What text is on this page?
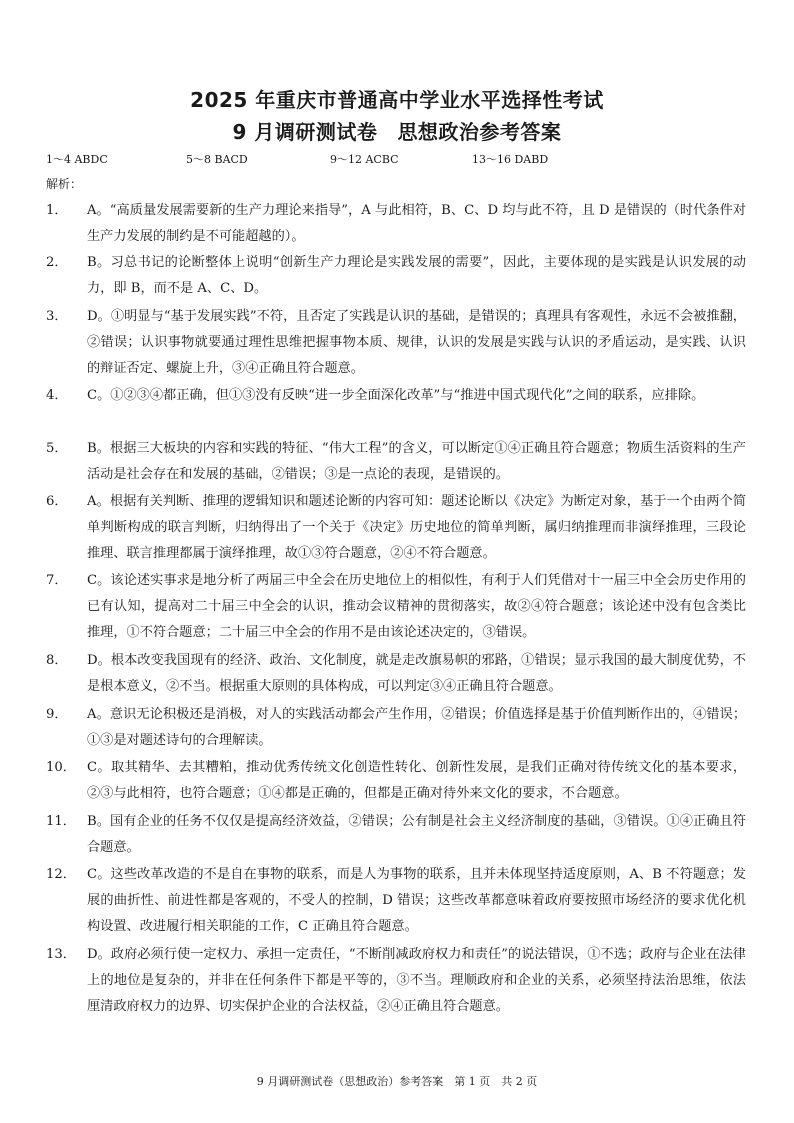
2025 年重庆市普通高中学业水平选择性考试
9 月调研测试卷 思想政治参考答案
1～4 ABDC	5～8 BACD	9～12 ACBC	13～16 DABD
解析：
1．	A。“高质量发展需要新的生产力理论来指导”，A 与此相符，B、C、D 均与此不符，且 D 是错误的（时代条件对生产力发展的制约是不可能超越的）。
2．	B。习总书记的论断整体上说明“创新生产力理论是实践发展的需要”，因此，主要体现的是实践是认识发展的动力，即 B，而不是 A、C、D。
3．	D。①明显与“基于发展实践”不符，且否定了实践是认识的基础，是错误的；真理具有客观性，永远不会被推翻，②错误；认识事物就要通过理性思维把握事物本质、规律，认识的发展是实践与认识的矛盾运动，是实践、认识的辩证否定、螺旋上升，③④正确且符合题意。
4．	C。①②③④都正确，但①③没有反映“进一步全面深化改革”与“推进中国式现代化”之间的联系，应排除。
5．	B。根据三大板块的内容和实践的特征、“伟大工程”的含义，可以断定①④正确且符合题意；物质生活资料的生产活动是社会存在和发展的基础，②错误；③是一点论的表现，是错误的。
6．	A。根据有关判断、推理的逻辑知识和题述论断的内容可知：题述论断以《决定》为断定对象，基于一个由两个简单判断构成的联言判断，归纳得出了一个关于《决定》历史地位的简单判断，属归纳推理而非演绎推理，三段论推理、联言推理都属于演绎推理，故①③符合题意，②④不符合题意。
7．	C。该论述实事求是地分析了两届三中全会在历史地位上的相似性，有利于人们凭借对十一届三中全会历史作用的已有认知，提高对二十届三中全会的认识，推动会议精神的贯彻落实，故②④符合题意；该论述中没有包含类比推理，①不符合题意；二十届三中全会的作用不是由该论述决定的，③错误。
8．	D。根本改变我国现有的经济、政治、文化制度，就是走改旗易帜的邪路，①错误；显示我国的最大制度优势，不是根本意义，②不当。根据重大原则的具体构成，可以判定③④正确且符合题意。
9．	A。意识无论积极还是消极，对人的实践活动都会产生作用，②错误；价值选择是基于价值判断作出的，④错误；①③是对题述诗句的合理解读。
10． C。取其精华、去其糟粕，推动优秀传统文化创造性转化、创新性发展，是我们正确对待传统文化的基本要求，②③与此相符，也符合题意；①④都是正确的，但都是正确对待外来文化的要求，不合题意。
11． B。国有企业的任务不仅仅是提高经济效益，②错误；公有制是社会主义经济制度的基础，③错误。①④正确且符合题意。
12． C。这些改革改造的不是自在事物的联系，而是人为事物的联系，且并未体现坚持适度原则，A、B 不符题意；发展的曲折性、前进性都是客观的，不受人的控制，D 错误；这些改革都意味着政府要按照市场经济的要求优化机构设置、改进履行相关职能的工作，C 正确且符合题意。
13． D。政府必须行使一定权力、承担一定责任，“不断削减政府权力和责任”的说法错误，①不选；政府与企业在法律上的地位是复杂的，并非在任何条件下都是平等的，③不当。理顺政府和企业的关系，必须坚持法治思维，依法厘清政府权力的边界、切实保护企业的合法权益，②④正确且符合题意。
9 月调研测试卷（思想政治）参考答案　第 1 页　共 2 页
